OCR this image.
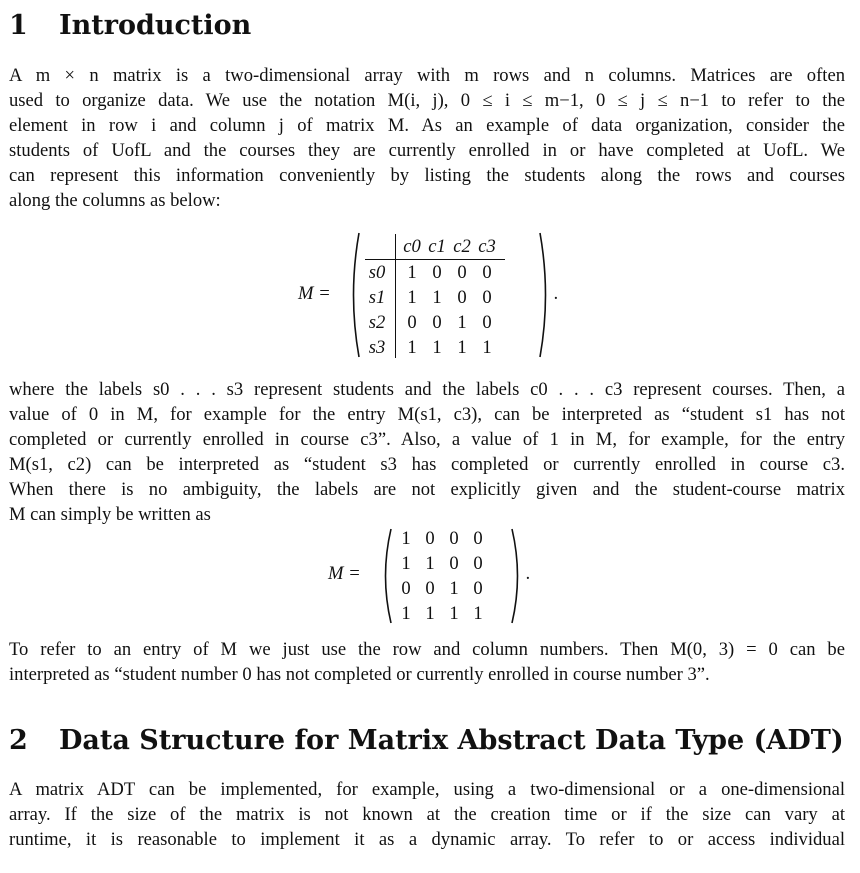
1 Introduction
A m × n matrix is a two-dimensional array with m rows and n columns. Matrices are often
used to organize data. We use the notation M(i, j), 0 ≤ i ≤ m−1, 0 ≤ j ≤ n−1 to refer to the
element in row i and column j of matrix M. As an example of data organization, consider the
students of UofL and the courses they are currently enrolled in or have completed at UofL. We
can represent this information conveniently by listing the students along the rows and courses
along the columns as below:
M =
c0 c1 c2 c3
s0
s1
s2
s3
1 0 0 0
1 1 0 0
0 0 1 0
1 1 1 1
.
where the labels s0 . . . s3 represent students and the labels c0 . . . c3 represent courses. Then, a
value of 0 in M, for example for the entry M(s1, c3), can be interpreted as “student s1 has not
completed or currently enrolled in course c3”. Also, a value of 1 in M, for example, for the entry
M(s1, c2) can be interpreted as “student s3 has completed or currently enrolled in course c3.
When there is no ambiguity, the labels are not explicitly given and the student-course matrix
M can simply be written as
M =
1 0 0 0
1 1 0 0
0 0 1 0
1 1 1 1
.
To refer to an entry of M we just use the row and column numbers. Then M(0, 3) = 0 can be
interpreted as “student number 0 has not completed or currently enrolled in course number 3”.
2 Data Structure for Matrix Abstract Data Type (ADT)
A matrix ADT can be implemented, for example, using a two-dimensional or a one-dimensional
array. If the size of the matrix is not known at the creation time or if the size can vary at
runtime, it is reasonable to implement it as a dynamic array. To refer to or access individual
